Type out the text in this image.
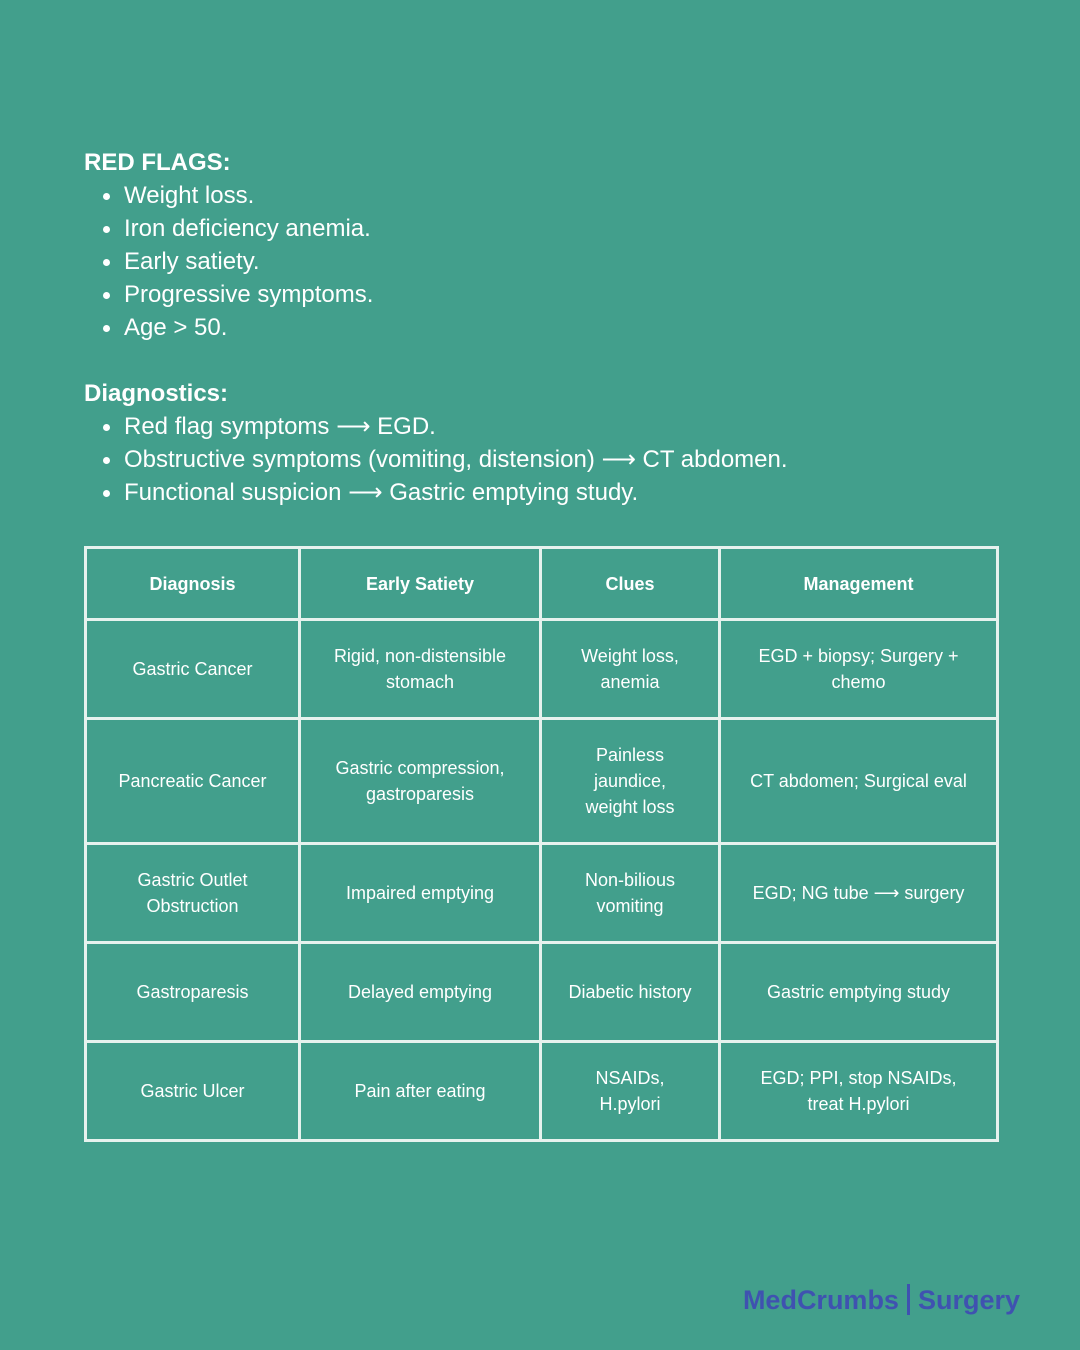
RED FLAGS:

Weight loss.
Iron deficiency anemia.
Early satiety.
Progressive symptoms.
Age > 50.

Diagnostics:

Red flag symptoms ⟶ EGD.
Obstructive symptoms (vomiting, distension) ⟶ CT abdomen.
Functional suspicion ⟶ Gastric emptying study.
Diagnosis	Early Satiety	Clues	Management
Gastric Cancer	Rigid, non-distensible stomach	Weight loss, anemia	EGD + biopsy; Surgery + chemo
Pancreatic Cancer	Gastric compression, gastroparesis	Painless jaundice, weight loss	CT abdomen; Surgical eval
Gastric Outlet Obstruction	Impaired emptying	Non-bilious vomiting	EGD; NG tube ⟶ surgery
Gastroparesis	Delayed emptying	Diabetic history	Gastric emptying study
Gastric Ulcer	Pain after eating	NSAIDs, H.pylori	EGD; PPI, stop NSAIDs, treat H.pylori
MedCrumbs Surgery
